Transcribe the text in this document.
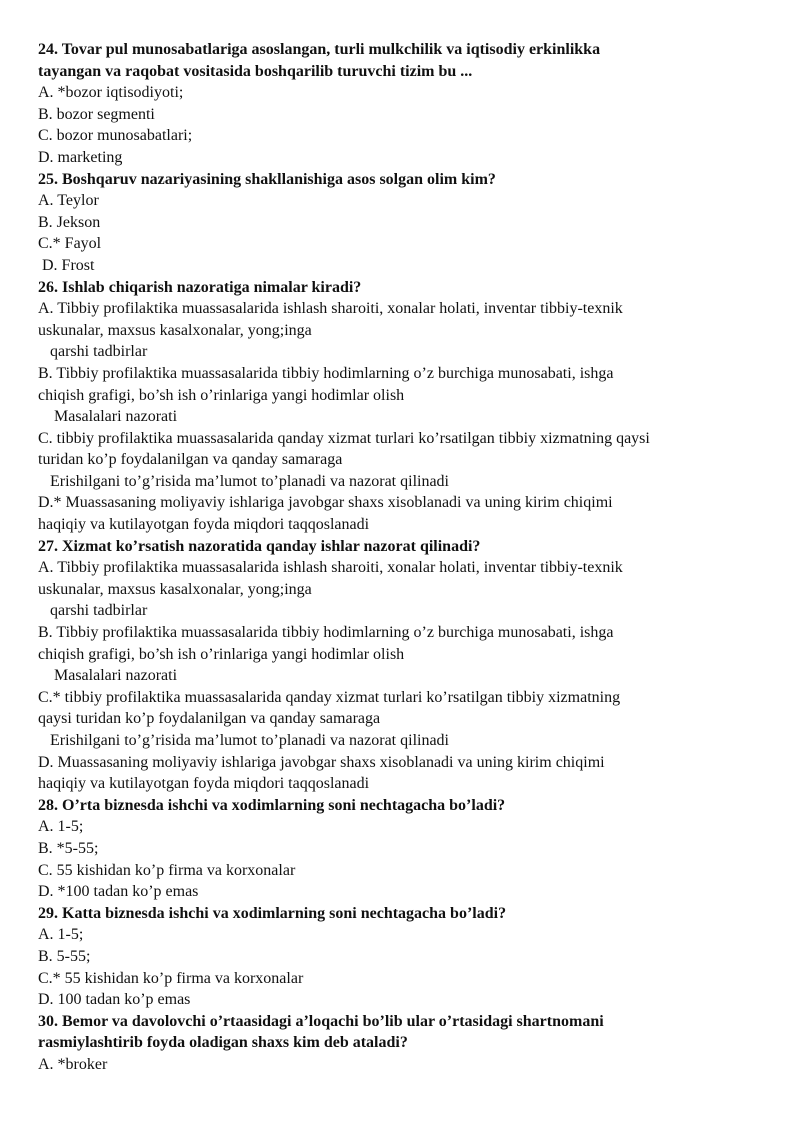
24. Tovar pul munosabatlariga asoslangan, turli mulkchilik va iqtisodiy erkinlikka
tayangan va raqobat vositasida boshqarilib turuvchi tizim bu ...
A. *bozor iqtisodiyoti;
B. bozor segmenti
C. bozor munosabatlari;
D. marketing
25. Boshqaruv nazariyasining shakllanishiga asos solgan olim kim?
A. Teylor
B. Jekson
C.* Fayol
D. Frost
26. Ishlab chiqarish nazoratiga nimalar kiradi?
A. Tibbiy profilaktika muassasalarida ishlash sharoiti, xonalar holati, inventar tibbiy-texnik
uskunalar, maxsus kasalxonalar, yong;inga
qarshi tadbirlar
B. Tibbiy profilaktika muassasalarida tibbiy hodimlarning o’z burchiga munosabati, ishga
chiqish grafigi, bo’sh ish o’rinlariga yangi hodimlar olish
Masalalari nazorati
C. tibbiy profilaktika muassasalarida qanday xizmat turlari ko’rsatilgan tibbiy xizmatning qaysi
turidan ko’p foydalanilgan va qanday samaraga
Erishilgani to’g’risida ma’lumot to’planadi va nazorat qilinadi
D.* Muassasaning moliyaviy ishlariga javobgar shaxs xisoblanadi va uning kirim chiqimi
haqiqiy va kutilayotgan foyda miqdori taqqoslanadi
27. Xizmat ko’rsatish nazoratida qanday ishlar nazorat qilinadi?
A. Tibbiy profilaktika muassasalarida ishlash sharoiti, xonalar holati, inventar tibbiy-texnik
uskunalar, maxsus kasalxonalar, yong;inga
qarshi tadbirlar
B. Tibbiy profilaktika muassasalarida tibbiy hodimlarning o’z burchiga munosabati, ishga
chiqish grafigi, bo’sh ish o’rinlariga yangi hodimlar olish
Masalalari nazorati
C.* tibbiy profilaktika muassasalarida qanday xizmat turlari ko’rsatilgan tibbiy xizmatning
qaysi turidan ko’p foydalanilgan va qanday samaraga
Erishilgani to’g’risida ma’lumot to’planadi va nazorat qilinadi
D. Muassasaning moliyaviy ishlariga javobgar shaxs xisoblanadi va uning kirim chiqimi
haqiqiy va kutilayotgan foyda miqdori taqqoslanadi
28. O’rta biznesda ishchi va xodimlarning soni nechtagacha bo’ladi?
A. 1-5;
B. *5-55;
C. 55 kishidan ko’p firma va korxonalar
D. *100 tadan ko’p emas
29. Katta biznesda ishchi va xodimlarning soni nechtagacha bo’ladi?
A. 1-5;
B. 5-55;
C.* 55 kishidan ko’p firma va korxonalar
D. 100 tadan ko’p emas
30. Bemor va davolovchi o’rtaasidagi a’loqachi bo’lib ular o’rtasidagi shartnomani
rasmiylashtirib foyda oladigan shaxs kim deb ataladi?
A. *broker
